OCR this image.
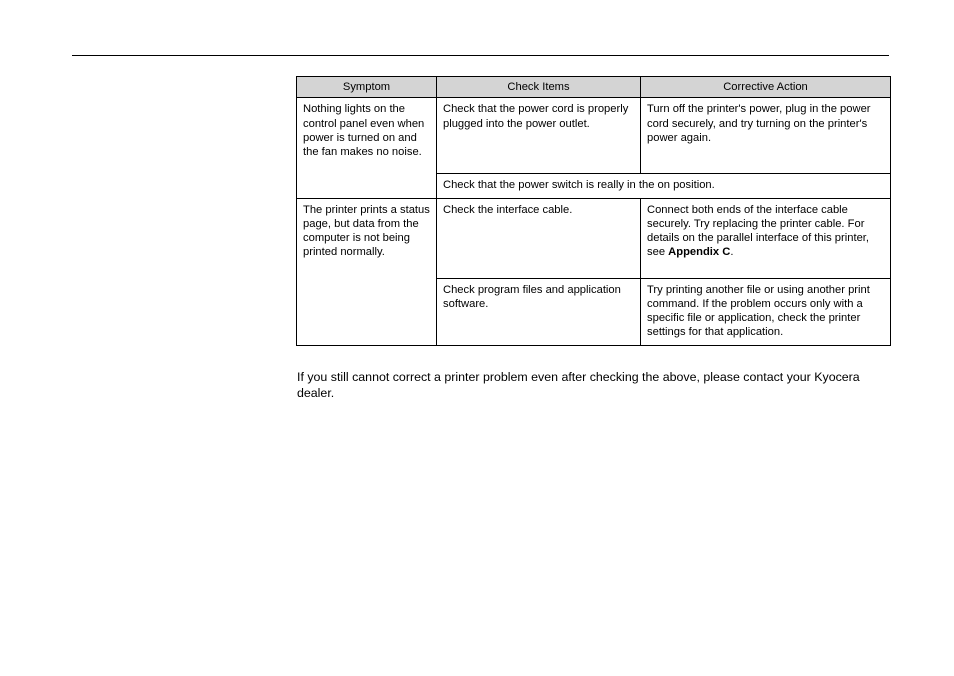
Symptom	Check Items	Corrective Action
Nothing lights on the control panel even when power is turned on and the fan makes no noise.	Check that the power cord is properly plugged into the power outlet.	Turn off the printer's power, plug in the power cord securely, and try turning on the printer's power again.
	Check that the power switch is really in the on position.	
The printer prints a status page, but data from the computer is not being printed normally.	Check the interface cable.	Connect both ends of the interface cable securely. Try replacing the printer cable. For details on the parallel interface of this printer, see Appendix C.
	Check program files and application software.	Try printing another file or using another print command. If the problem occurs only with a specific file or application, check the printer settings for that application.

If you still cannot correct a printer problem even after checking the above, please contact your Kyocera dealer.
